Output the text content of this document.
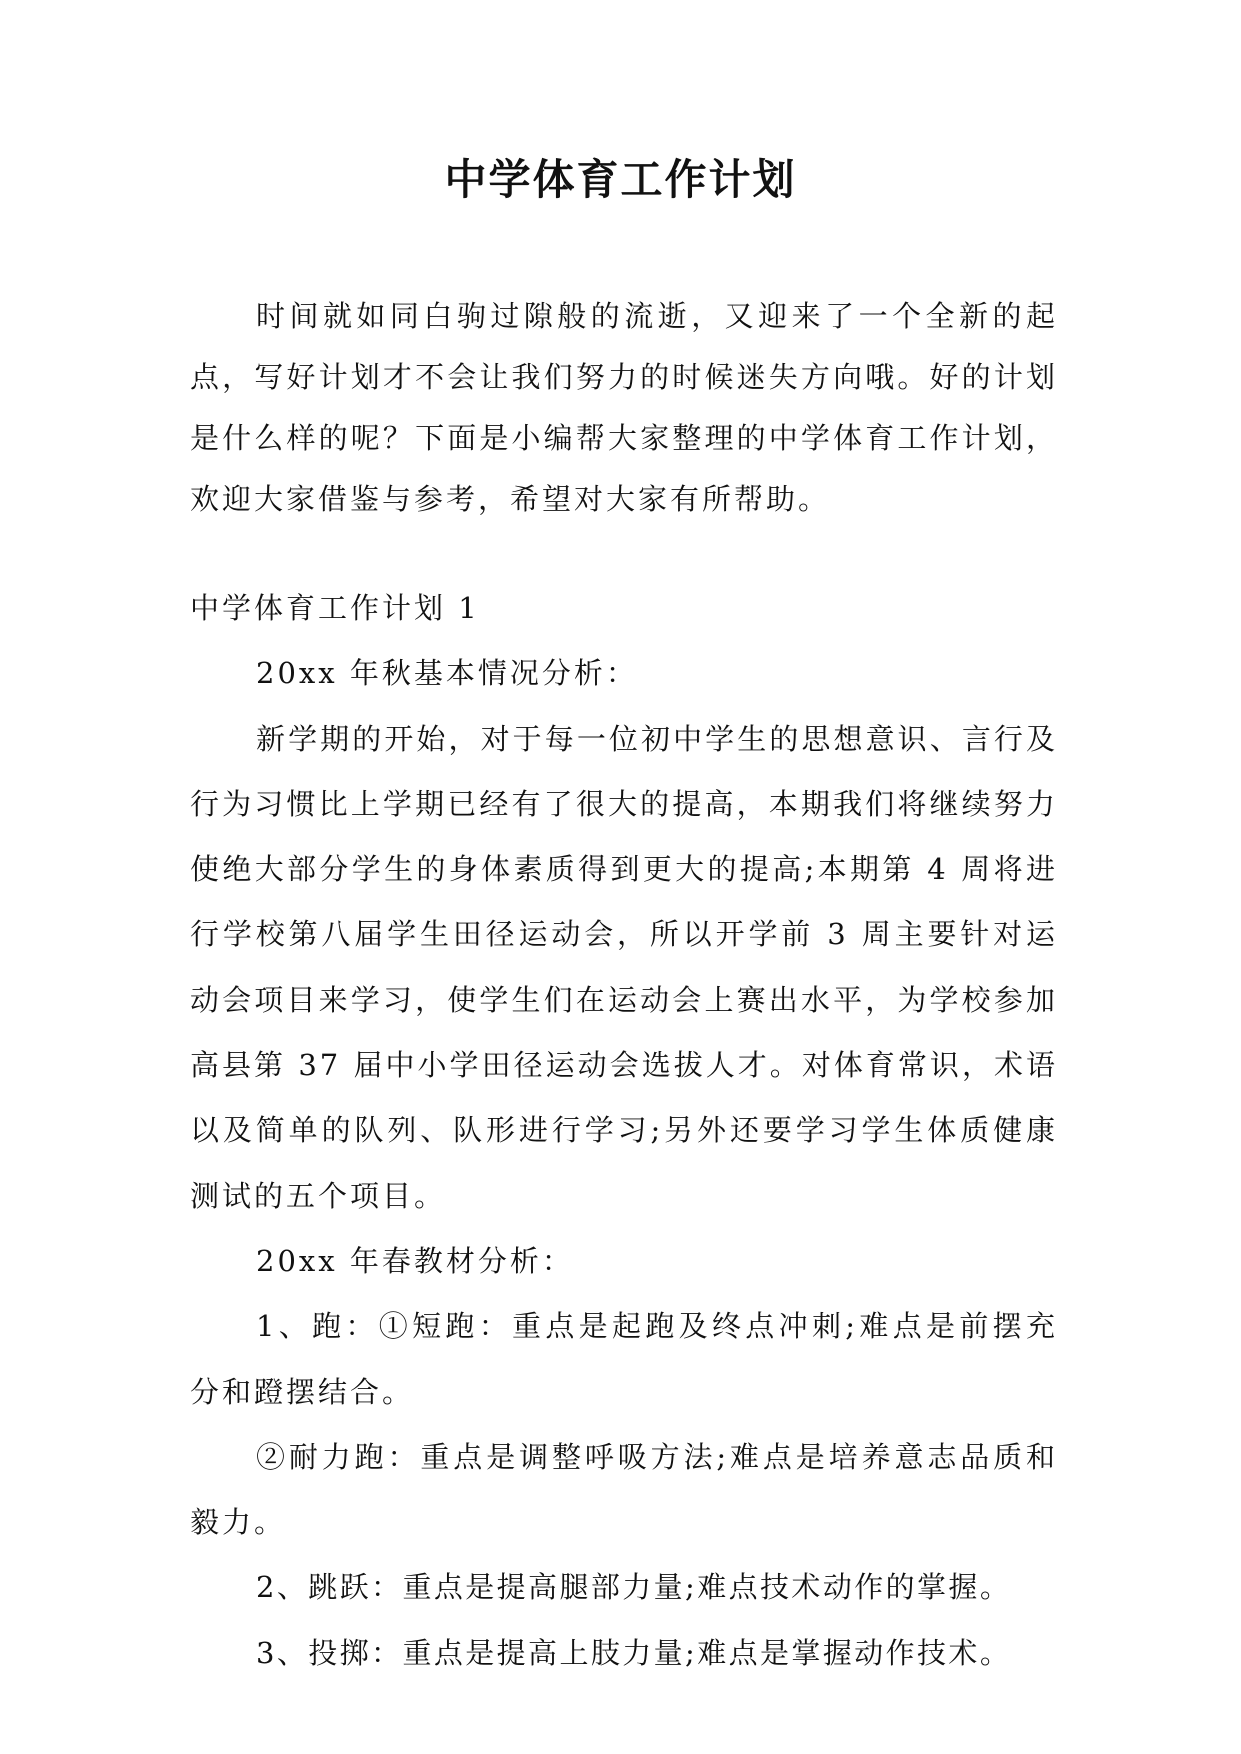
中学体育工作计划

时间就如同白驹过隙般的流逝，又迎来了一个全新的起点，写好计划才不会让我们努力的时候迷失方向哦。好的计划是什么样的呢？下面是小编帮大家整理的中学体育工作计划，欢迎大家借鉴与参考，希望对大家有所帮助。

中学体育工作计划 1

20xx 年秋基本情况分析：

新学期的开始，对于每一位初中学生的思想意识、言行及行为习惯比上学期已经有了很大的提高，本期我们将继续努力使绝大部分学生的身体素质得到更大的提高;本期第 4 周将进行学校第八届学生田径运动会，所以开学前 3 周主要针对运动会项目来学习，使学生们在运动会上赛出水平，为学校参加高县第 37 届中小学田径运动会选拔人才。对体育常识，术语以及简单的队列、队形进行学习;另外还要学习学生体质健康测试的五个项目。

20xx 年春教材分析：

1、跑：①短跑：重点是起跑及终点冲刺;难点是前摆充分和蹬摆结合。

②耐力跑：重点是调整呼吸方法;难点是培养意志品质和毅力。

2、跳跃：重点是提高腿部力量;难点技术动作的掌握。

3、投掷：重点是提高上肢力量;难点是掌握动作技术。
